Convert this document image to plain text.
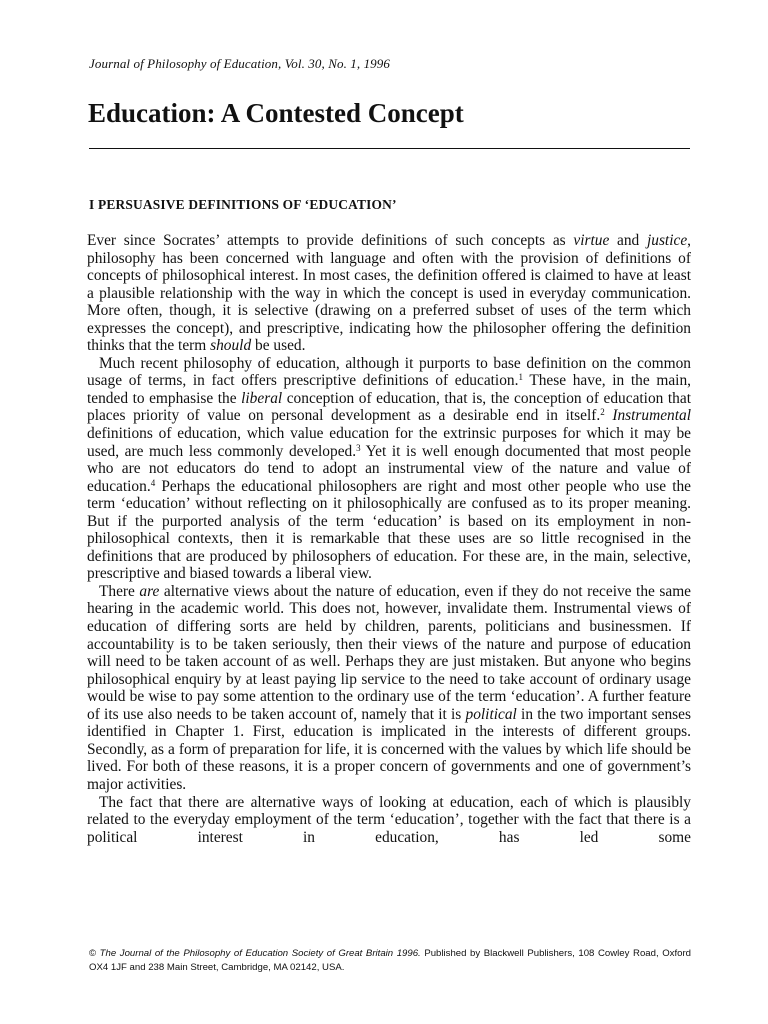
Journal of Philosophy of Education, Vol. 30, No. 1, 1996
Education: A Contested Concept
I PERSUASIVE DEFINITIONS OF ‘EDUCATION’

Ever since Socrates’ attempts to provide definitions of such concepts as virtue and justice, philosophy has been concerned with language and often with the provision of definitions of concepts of philosophical interest. In most cases, the definition offered is claimed to have at least a plausible relationship with the way in which the concept is used in everyday communication. More often, though, it is selective (drawing on a preferred subset of uses of the term which expresses the concept), and prescriptive, indicating how the philosopher offering the definition thinks that the term should be used.

Much recent philosophy of education, although it purports to base definition on the common usage of terms, in fact offers prescriptive definitions of education.$^1$ These have, in the main, tended to emphasise the liberal conception of education, that is, the conception of education that places priority of value on personal development as a desirable end in itself.$^2$ Instrumental definitions of education, which value education for the extrinsic purposes for which it may be used, are much less commonly developed.$^3$ Yet it is well enough documented that most people who are not educators do tend to adopt an instrumental view of the nature and value of education.$^4$ Perhaps the educational philosophers are right and most other people who use the term ‘education’ without reflecting on it philosophically are confused as to its proper meaning. But if the purported analysis of the term ‘education’ is based on its employment in non-philosophical contexts, then it is remarkable that these uses are so little recognised in the definitions that are produced by philosophers of education. For these are, in the main, selective, prescriptive and biased towards a liberal view.

There are alternative views about the nature of education, even if they do not receive the same hearing in the academic world. This does not, however, invalidate them. Instrumental views of education of differing sorts are held by children, parents, politicians and businessmen. If accountability is to be taken seriously, then their views of the nature and purpose of education will need to be taken account of as well. Perhaps they are just mistaken. But anyone who begins philosophical enquiry by at least paying lip service to the need to take account of ordinary usage would be wise to pay some attention to the ordinary use of the term ‘education’. A further feature of its use also needs to be taken account of, namely that it is political in the two important senses identified in Chapter 1. First, education is implicated in the interests of different groups. Secondly, as a form of preparation for life, it is concerned with the values by which life should be lived. For both of these reasons, it is a proper concern of governments and one of government’s major activities.

The fact that there are alternative ways of looking at education, each of which is plausibly related to the everyday employment of the term ‘education’, together with the fact that there is a political interest in education, has led some

© The Journal of the Philosophy of Education Society of Great Britain 1996. Published by Blackwell Publishers, 108 Cowley Road, Oxford OX4 1JF and 238 Main Street, Cambridge, MA 02142, USA.
